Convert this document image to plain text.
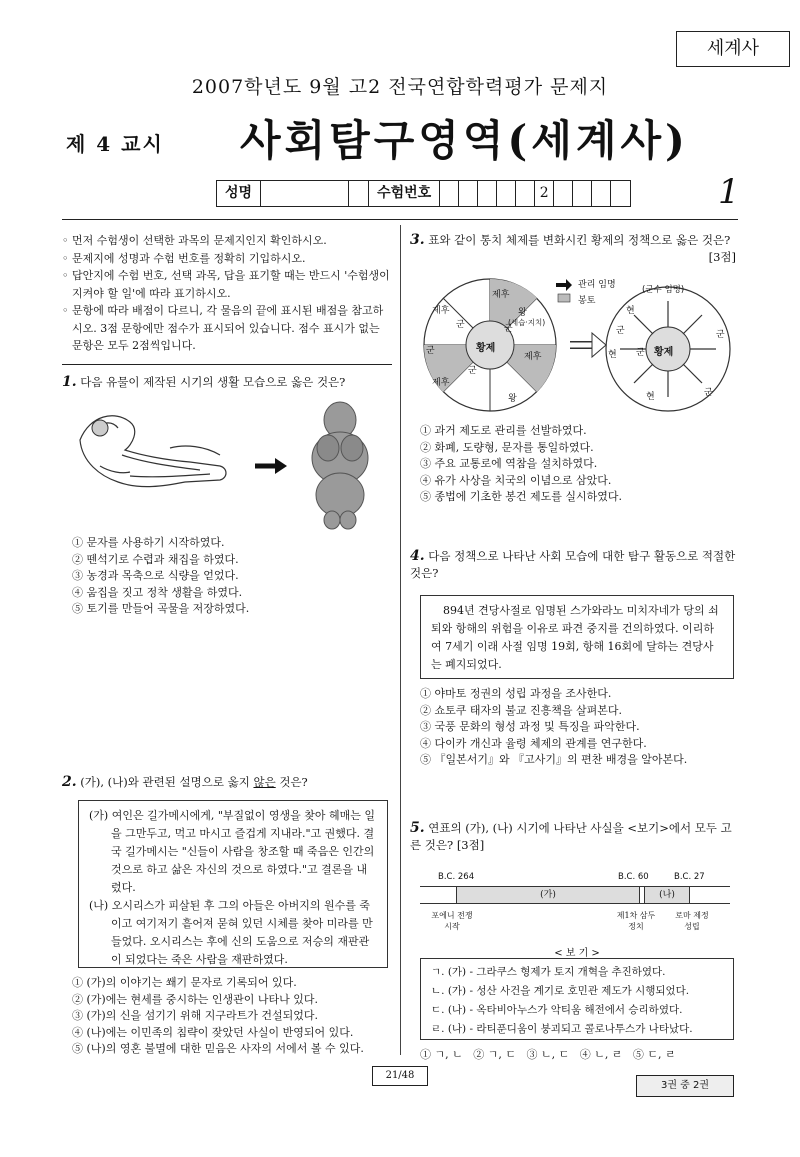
세계사
2007학년도 9월 고2 전국연합학력평가 문제지
제 4 교시 사회탐구영역(세계사)
성명	수험번호	2	1
◦ 먼저 수험생이 선택한 과목의 문제지인지 확인하시오.
◦ 문제지에 성명과 수험 번호를 정확히 기입하시오.
◦ 답안지에 수험 번호, 선택 과목, 답을 표기할 때는 반드시 '수험생이 지켜야 할 일'에 따라 표기하시오.
◦ 문항에 따라 배점이 다르니, 각 물음의 끝에 표시된 배점을 참고하시오. 3점 문항에만 점수가 표시되어 있습니다. 점수 표시가 없는 문항은 모두 2점씩입니다.
1. 다음 유물이 제작된 시기의 생활 모습으로 옳은 것은?
① 문자를 사용하기 시작하였다.
② 뗀석기로 수렵과 채집을 하였다.
③ 농경과 목축으로 식량을 얻었다.
④ 움집을 짓고 정착 생활을 하였다.
⑤ 토기를 만들어 곡물을 저장하였다.
2. (가), (나)와 관련된 설명으로 옳지 않은 것은?
(가) 여인은 길가메시에게, "부질없이 영생을 찾아 헤매는 일을 그만두고, 먹고 마시고 즐겁게 지내라."고 권했다. 결국 길가메시는 "신들이 사람을 창조할 때 죽음은 인간의 것으로 하고 삶은 자신의 것으로 하였다."고 결론을 내렸다.
(나) 오시리스가 피살된 후 그의 아들은 아버지의 원수를 죽이고 여기저기 흩어져 묻혀 있던 시체를 찾아 미라를 만들었다. 오시리스는 후에 신의 도움으로 저승의 재판관이 되었다는 죽은 사람을 재판하였다.
① (가)의 이야기는 쐐기 문자로 기록되어 있다.
② (가)에는 현세를 중시하는 인생관이 나타나 있다.
③ (가)의 신을 섬기기 위해 지구라트가 건설되었다.
④ (나)에는 이민족의 침략이 잦았던 사실이 반영되어 있다.
⑤ (나)의 영혼 불멸에 대한 믿음은 사자의 서에서 볼 수 있다.
3. 표와 같이 통치 체제를 변화시킨 황제의 정책으로 옳은 것은?
[3점]
관리 임명
봉토
황제
제후
제후
제후
제후
군
군
군
군
왕
(세습·지치)
왕
황제
(군수 임명)
현
군
현 군
현	군
군
① 과거 제도로 관리를 선발하였다.
② 화폐, 도량형, 문자를 통일하였다.
③ 주요 교통로에 역참을 설치하였다.
④ 유가 사상을 치국의 이념으로 삼았다.
⑤ 종법에 기초한 봉건 제도를 실시하였다.
4. 다음 정책으로 나타난 사회 모습에 대한 탐구 활동으로 적절한 것은?
894년 견당사절로 임명된 스가와라노 미치자네가 당의 쇠퇴와 항해의 위험을 이유로 파견 중지를 건의하였다. 이리하여 7세기 이래 사절 임명 19회, 항해 16회에 달하는 견당사는 폐지되었다.
① 야마토 정권의 성립 과정을 조사한다.
② 쇼토쿠 태자의 불교 진흥책을 살펴본다.
③ 국풍 문화의 형성 과정 및 특징을 파악한다.
④ 다이카 개신과 율령 체제의 관계를 연구한다.
⑤ 『일본서기』와 『고사기』의 편찬 배경을 알아본다.
5. 연표의 (가), (나) 시기에 나타난 사실을 <보기>에서 모두 고른 것은? [3점]
B.C. 264	B.C. 60	B.C. 27
(가)	(나)
포에니 전쟁 시작
제1차 삼두 정치
로마 제정 성립
< 보 기 >
ㄱ. (가) - 그라쿠스 형제가 토지 개혁을 추진하였다.
ㄴ. (가) - 성산 사건을 계기로 호민관 제도가 시행되었다.
ㄷ. (나) - 옥타비아누스가 악티움 해전에서 승리하였다.
ㄹ. (나) - 라티푼디움이 붕괴되고 콜로나투스가 나타났다.
① ㄱ, ㄴ   ② ㄱ, ㄷ   ③ ㄴ, ㄷ   ④ ㄴ, ㄹ   ⑤ ㄷ, ㄹ
21/48
3권 중 2권
